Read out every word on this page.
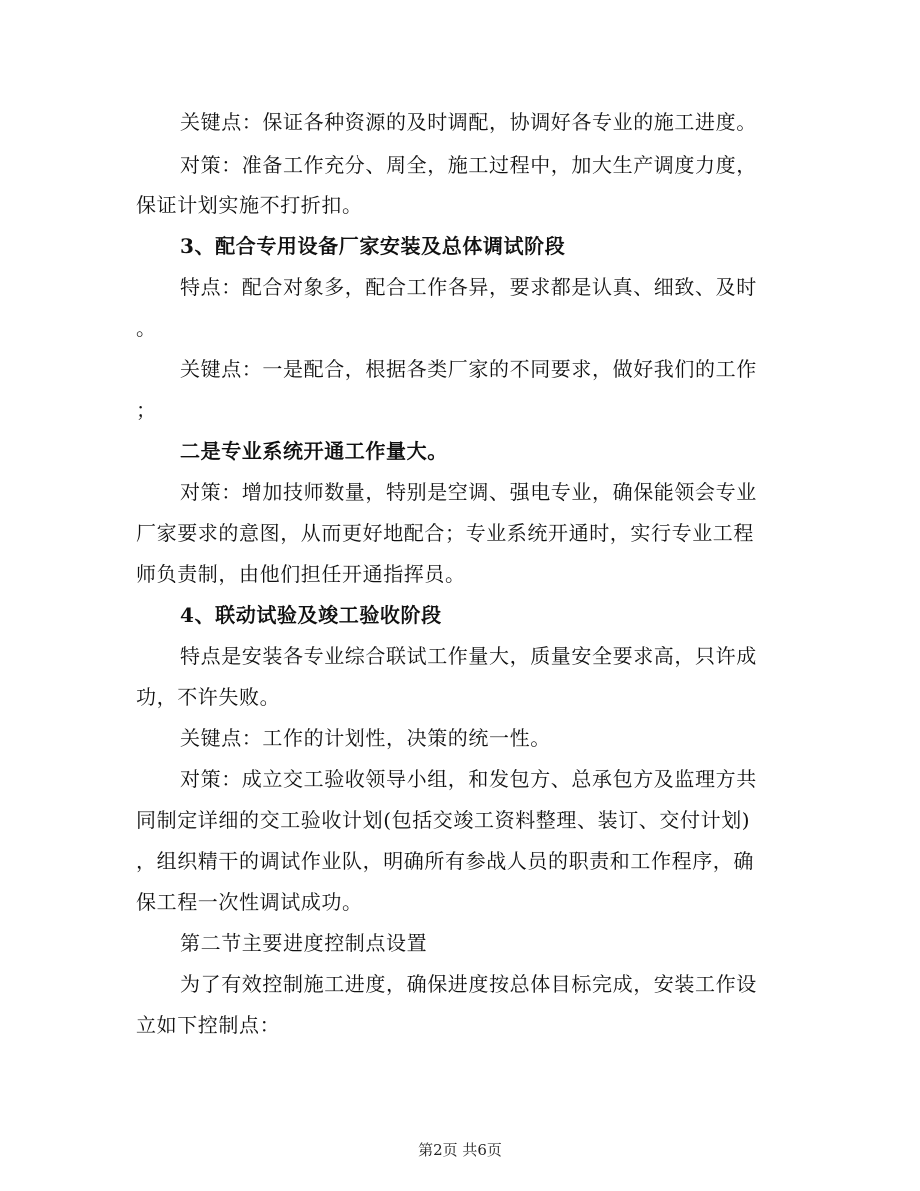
关键点：保证各种资源的及时调配，协调好各专业的施工进度。
对策：准备工作充分、周全，施工过程中，加大生产调度力度，
保证计划实施不打折扣。
3、配合专用设备厂家安装及总体调试阶段
特点：配合对象多，配合工作各异，要求都是认真、细致、及时
。
关键点：一是配合，根据各类厂家的不同要求，做好我们的工作
；
二是专业系统开通工作量大。
对策：增加技师数量，特别是空调、强电专业，确保能领会专业
厂家要求的意图，从而更好地配合；专业系统开通时，实行专业工程
师负责制，由他们担任开通指挥员。
4、联动试验及竣工验收阶段
特点是安装各专业综合联试工作量大，质量安全要求高，只许成
功，不许失败。
关键点：工作的计划性，决策的统一性。
对策：成立交工验收领导小组，和发包方、总承包方及监理方共
同制定详细的交工验收计划(包括交竣工资料整理、装订、交付计划)
，组织精干的调试作业队，明确所有参战人员的职责和工作程序，确
保工程一次性调试成功。
第二节主要进度控制点设置
为了有效控制施工进度，确保进度按总体目标完成，安装工作设
立如下控制点：
第2页 共6页
